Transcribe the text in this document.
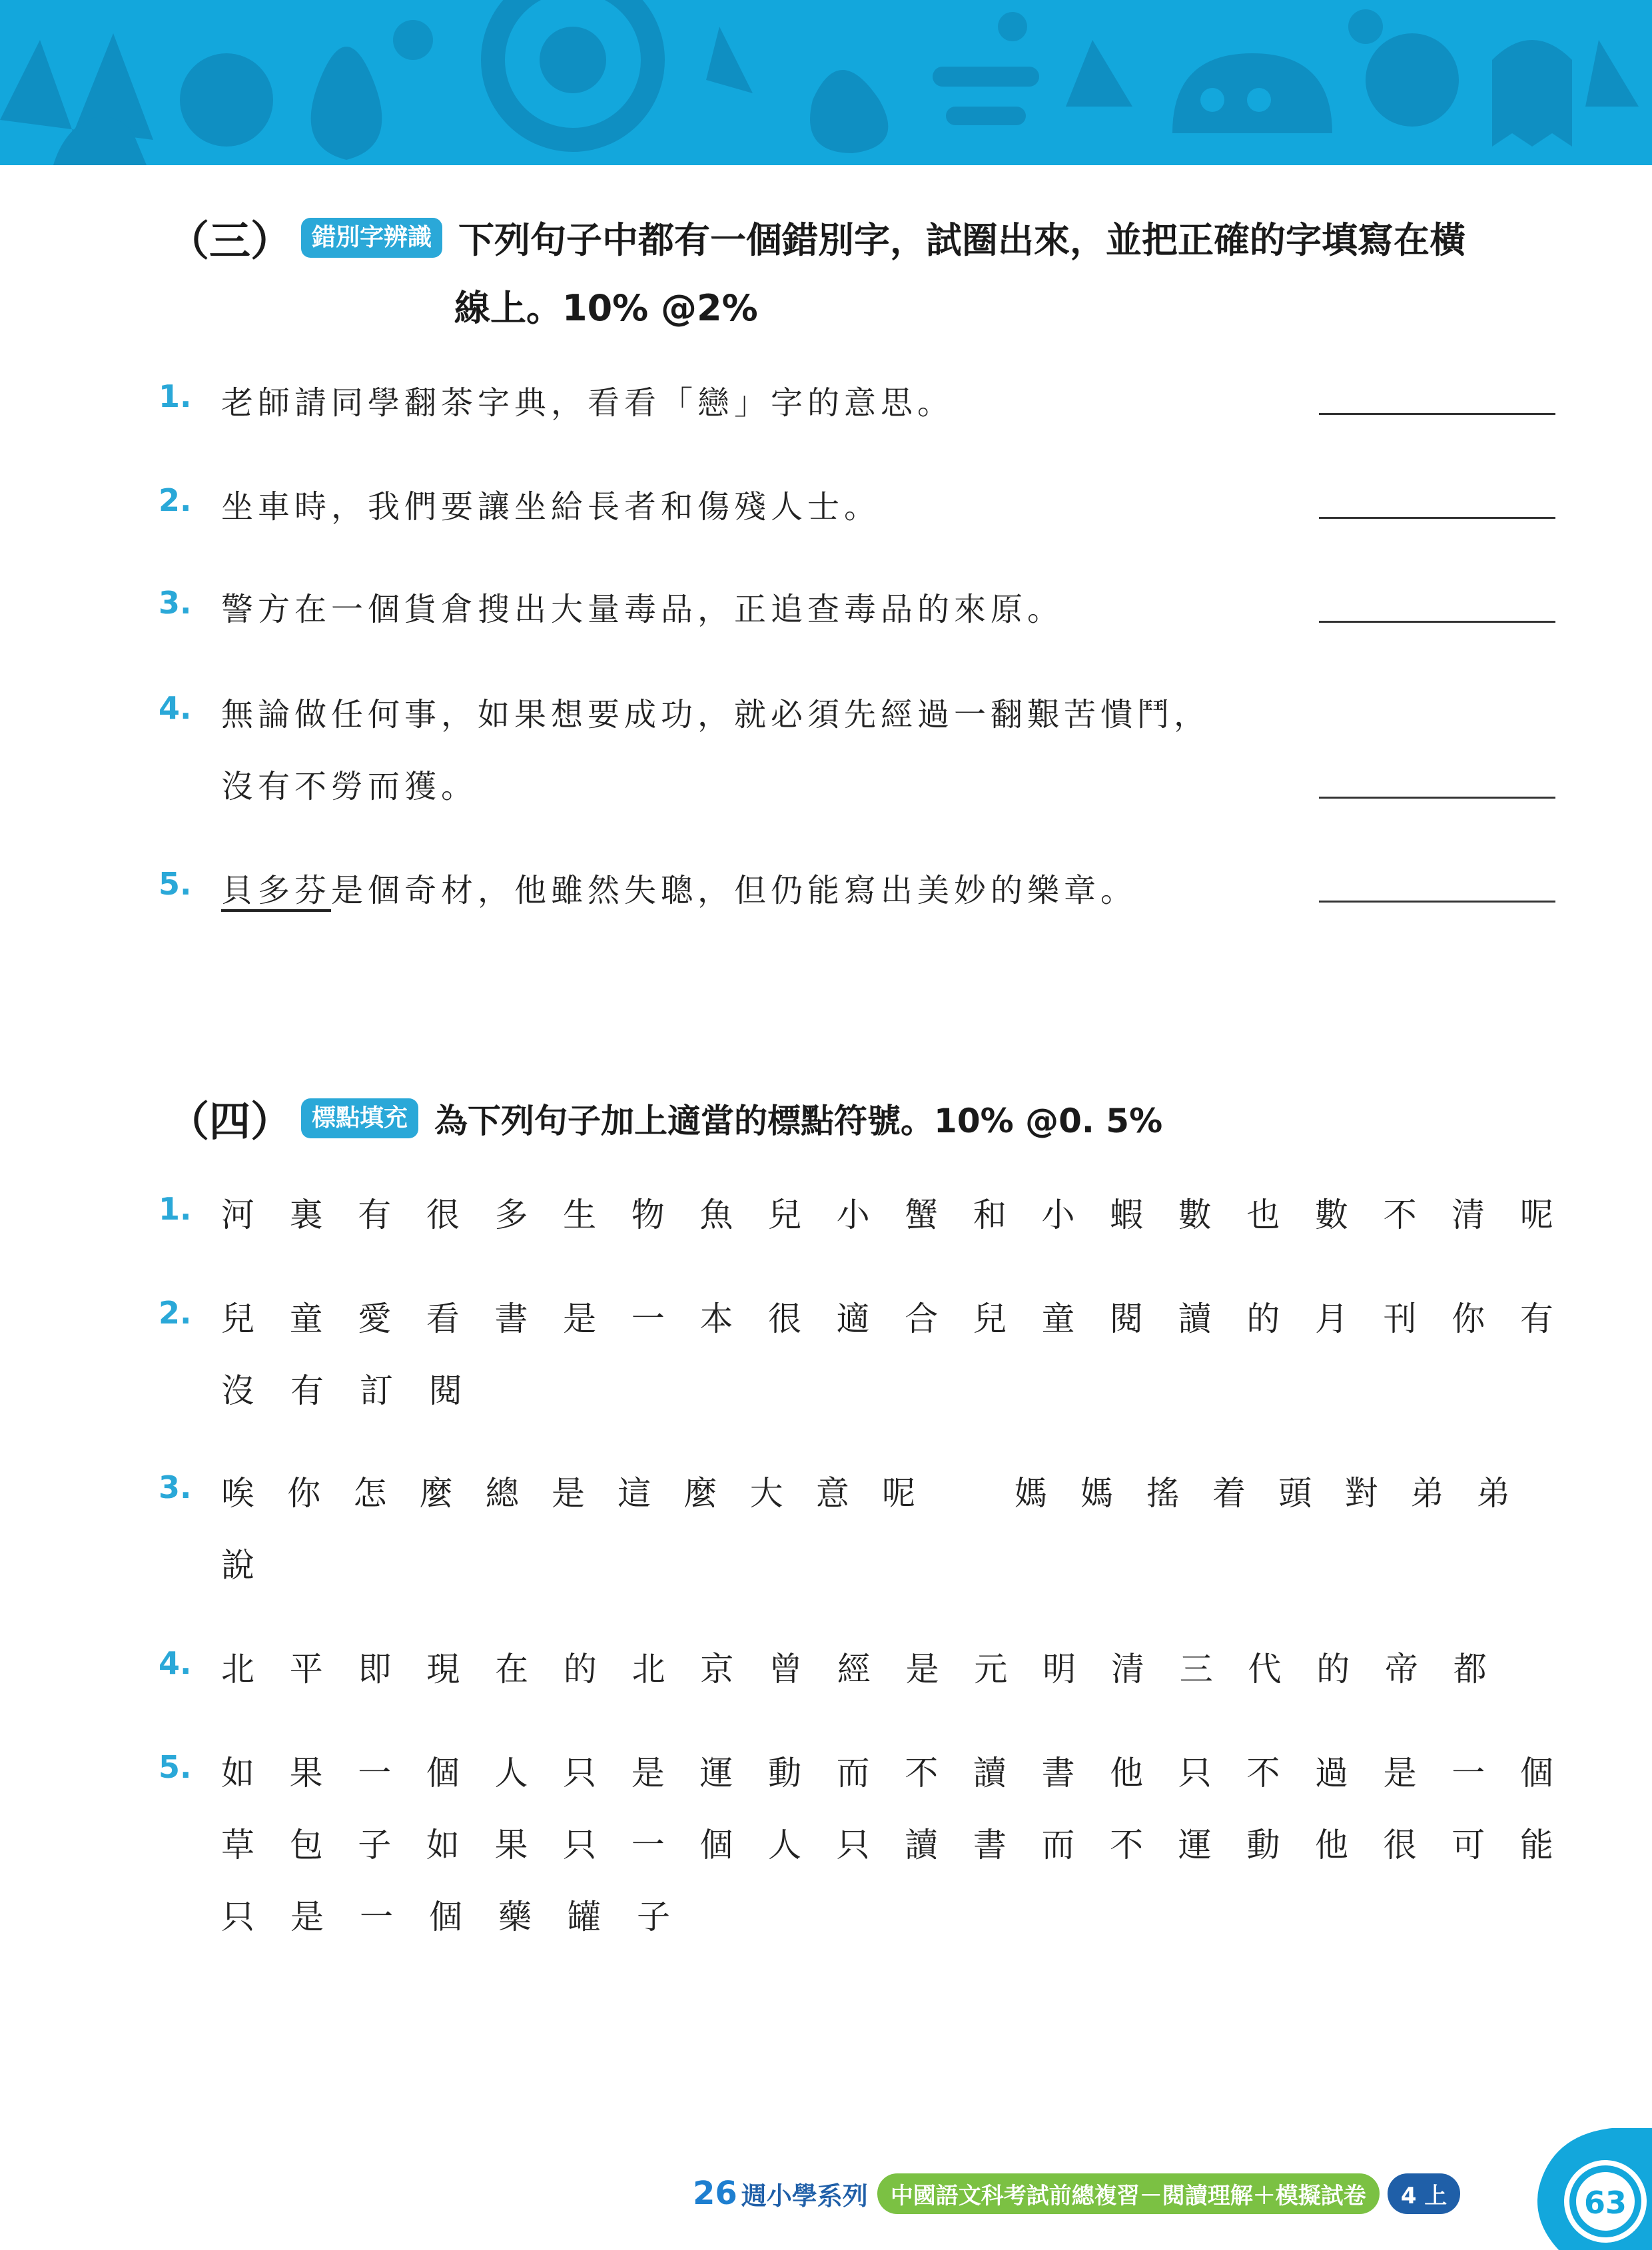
（三） 錯別字辨識 下列句子中都有一個錯別字，試圈出來，並把正確的字填寫在橫
線上。10% @2%
1. 老師請同學翻茶字典，看看「戀」字的意思。
2. 坐車時，我們要讓坐給長者和傷殘人士。
3. 警方在一個貨倉搜出大量毒品，正追查毒品的來原。
4. 無論做任何事，如果想要成功，就必須先經過一翻艱苦憒鬥，
沒有不勞而獲。
5. 貝多芬是個奇材，他雖然失聰，但仍能寫出美妙的樂章。
（四） 標點填充 為下列句子加上適當的標點符號。10% @0. 5%
1. 河 裏 有 很 多 生 物 魚 兒 小 蟹 和 小 蝦 數 也 數 不 清 呢
2. 兒 童 愛 看 書 是 一 本 很 適 合 兒 童 閱 讀 的 月 刊 你 有
沒 有 訂 閱
3. 唉 你 怎 麼 總 是 這 麼 大 意 呢
　	媽 媽 搖 着 頭 對 弟 弟
說
4. 北 平 即 現 在 的 北 京 曾 經 是 元 明 清 三 代 的 帝 都
5. 如 果 一 個 人 只 是 運 動 而 不 讀 書 他 只 不 過 是 一 個
草 包 子 如 果 只 一 個 人 只 讀 書 而 不 運 動 他 很 可 能
只 是 一 個 藥 罐 子
26 週小學系列	中國語文科考試前總複習－閱讀理解＋模擬試卷	4 上	63
